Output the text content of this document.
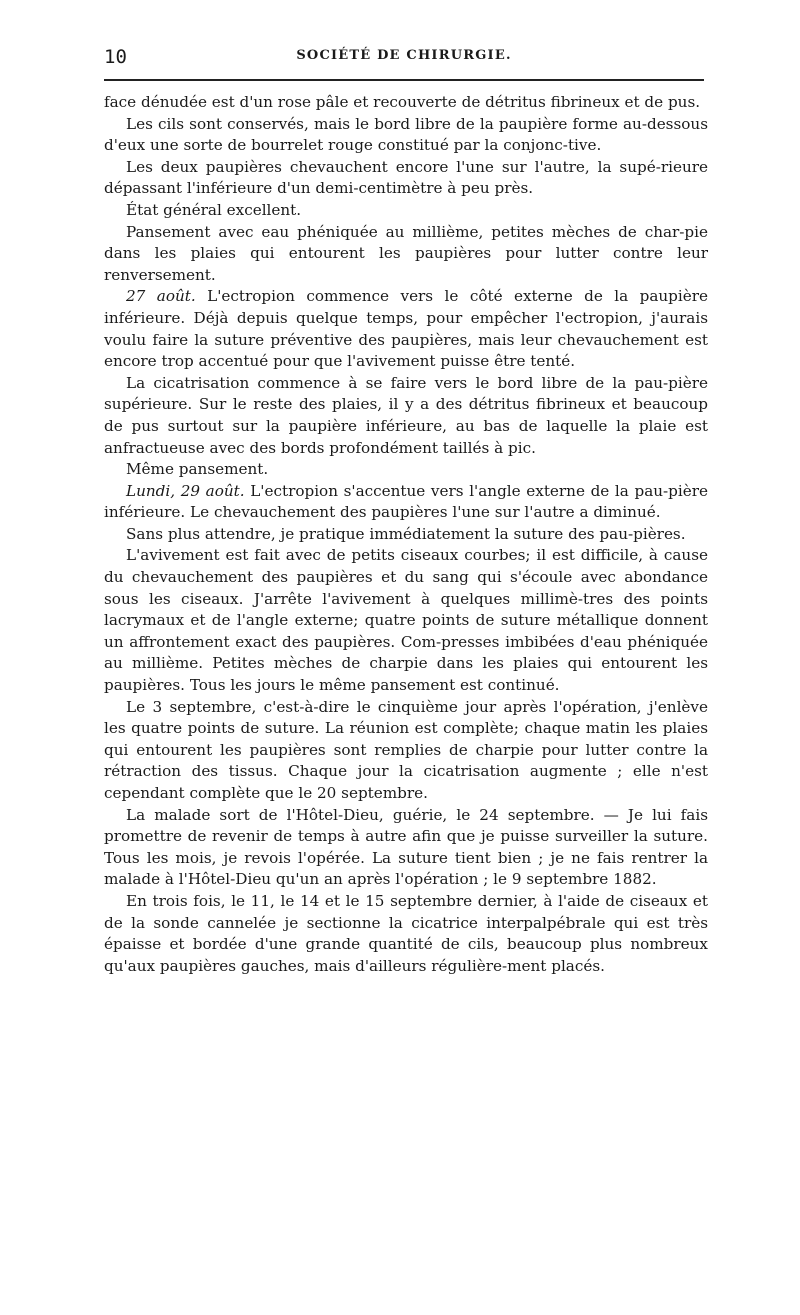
10	SOCIÉTÉ DE CHIRURGIE.

face dénudée est d'un rose pâle et recouverte de détritus fibrineux et de pus.

Les cils sont conservés, mais le bord libre de la paupière forme au-dessous d'eux une sorte de bourrelet rouge constitué par la conjonc-tive.

Les deux paupières chevauchent encore l'une sur l'autre, la supé-rieure dépassant l'inférieure d'un demi-centimètre à peu près.

État général excellent.

Pansement avec eau phéniquée au millième, petites mèches de char-pie dans les plaies qui entourent les paupières pour lutter contre leur renversement.

27 août. L'ectropion commence vers le côté externe de la paupière inférieure. Déjà depuis quelque temps, pour empêcher l'ectropion, j'aurais voulu faire la suture préventive des paupières, mais leur chevauchement est encore trop accentué pour que l'avivement puisse être tenté.

La cicatrisation commence à se faire vers le bord libre de la pau-pière supérieure. Sur le reste des plaies, il y a des détritus fibrineux et beaucoup de pus surtout sur la paupière inférieure, au bas de laquelle la plaie est anfractueuse avec des bords profondément taillés à pic.

Même pansement.

Lundi, 29 août. L'ectropion s'accentue vers l'angle externe de la pau-pière inférieure. Le chevauchement des paupières l'une sur l'autre a diminué.

Sans plus attendre, je pratique immédiatement la suture des pau-pières.

L'avivement est fait avec de petits ciseaux courbes; il est difficile, à cause du chevauchement des paupières et du sang qui s'écoule avec abondance sous les ciseaux. J'arrête l'avivement à quelques millimè-tres des points lacrymaux et de l'angle externe; quatre points de suture métallique donnent un affrontement exact des paupières. Com-presses imbibées d'eau phéniquée au millième. Petites mèches de charpie dans les plaies qui entourent les paupières. Tous les jours le même pansement est continué.

Le 3 septembre, c'est-à-dire le cinquième jour après l'opération, j'enlève les quatre points de suture. La réunion est complète; chaque matin les plaies qui entourent les paupières sont remplies de charpie pour lutter contre la rétraction des tissus. Chaque jour la cicatrisation augmente ; elle n'est cependant complète que le 20 septembre.

La malade sort de l'Hôtel-Dieu, guérie, le 24 septembre. — Je lui fais promettre de revenir de temps à autre afin que je puisse surveiller la suture. Tous les mois, je revois l'opérée. La suture tient bien ; je ne fais rentrer la malade à l'Hôtel-Dieu qu'un an après l'opération ; le 9 septembre 1882.

En trois fois, le 11, le 14 et le 15 septembre dernier, à l'aide de ciseaux et de la sonde cannelée je sectionne la cicatrice interpalpébrale qui est très épaisse et bordée d'une grande quantité de cils, beaucoup plus nombreux qu'aux paupières gauches, mais d'ailleurs régulière-ment placés.
